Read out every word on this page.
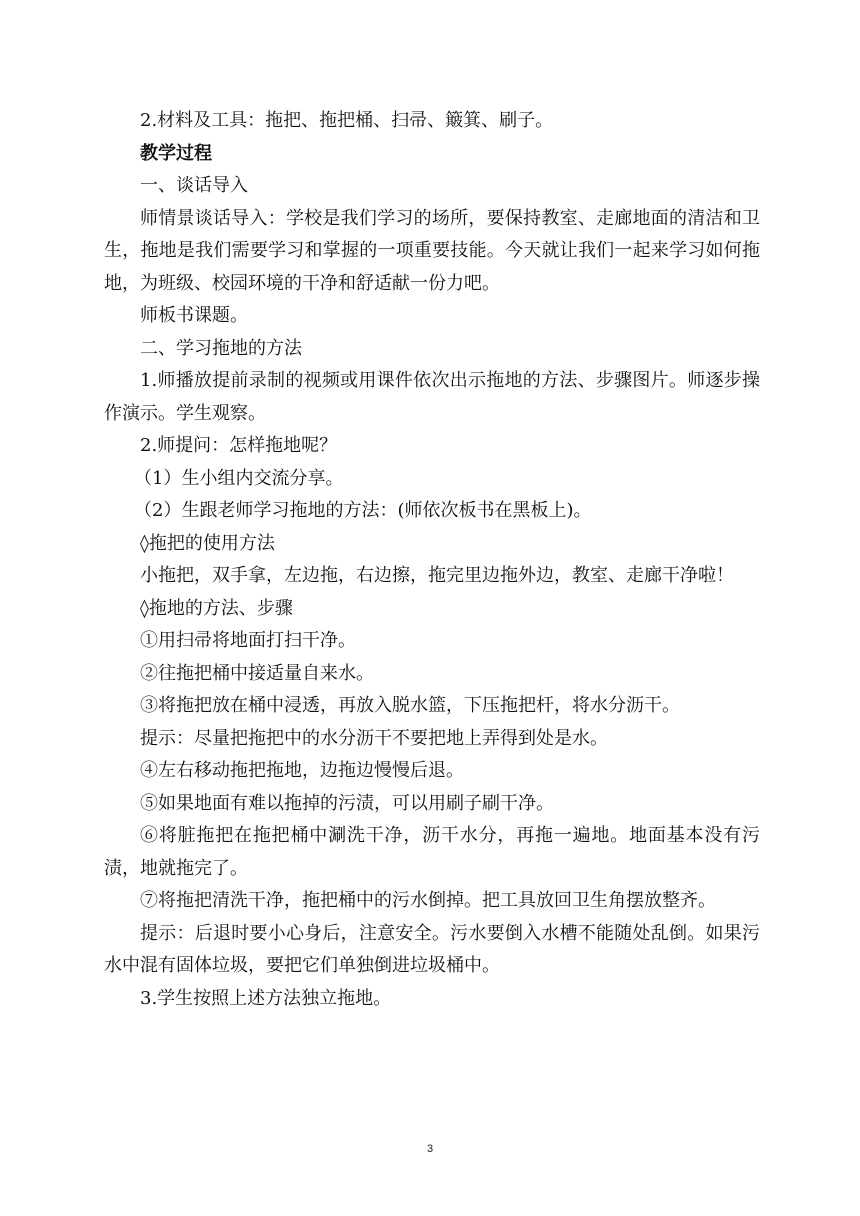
2.材料及工具：拖把、拖把桶、扫帚、簸箕、刷子。

教学过程

一、谈话导入

师情景谈话导入：学校是我们学习的场所，要保持教室、走廊地面的清洁和卫生，拖地是我们需要学习和掌握的一项重要技能。今天就让我们一起来学习如何拖地，为班级、校园环境的干净和舒适献一份力吧。

师板书课题。

二、学习拖地的方法

1.师播放提前录制的视频或用课件依次出示拖地的方法、步骤图片。师逐步操作演示。学生观察。

2.师提问：怎样拖地呢？

（1）生小组内交流分享。

（2）生跟老师学习拖地的方法：(师依次板书在黑板上)。

◊拖把的使用方法

小拖把，双手拿，左边拖，右边擦，拖完里边拖外边，教室、走廊干净啦！

◊拖地的方法、步骤

①用扫帚将地面打扫干净。

②往拖把桶中接适量自来水。

③将拖把放在桶中浸透，再放入脱水篮，下压拖把杆，将水分沥干。

提示：尽量把拖把中的水分沥干不要把地上弄得到处是水。

④左右移动拖把拖地，边拖边慢慢后退。

⑤如果地面有难以拖掉的污渍，可以用刷子刷干净。

⑥将脏拖把在拖把桶中涮洗干净，沥干水分，再拖一遍地。地面基本没有污渍，地就拖完了。

⑦将拖把清洗干净，拖把桶中的污水倒掉。把工具放回卫生角摆放整齐。

提示：后退时要小心身后，注意安全。污水要倒入水槽不能随处乱倒。如果污水中混有固体垃圾，要把它们单独倒进垃圾桶中。

3.学生按照上述方法独立拖地。

3
